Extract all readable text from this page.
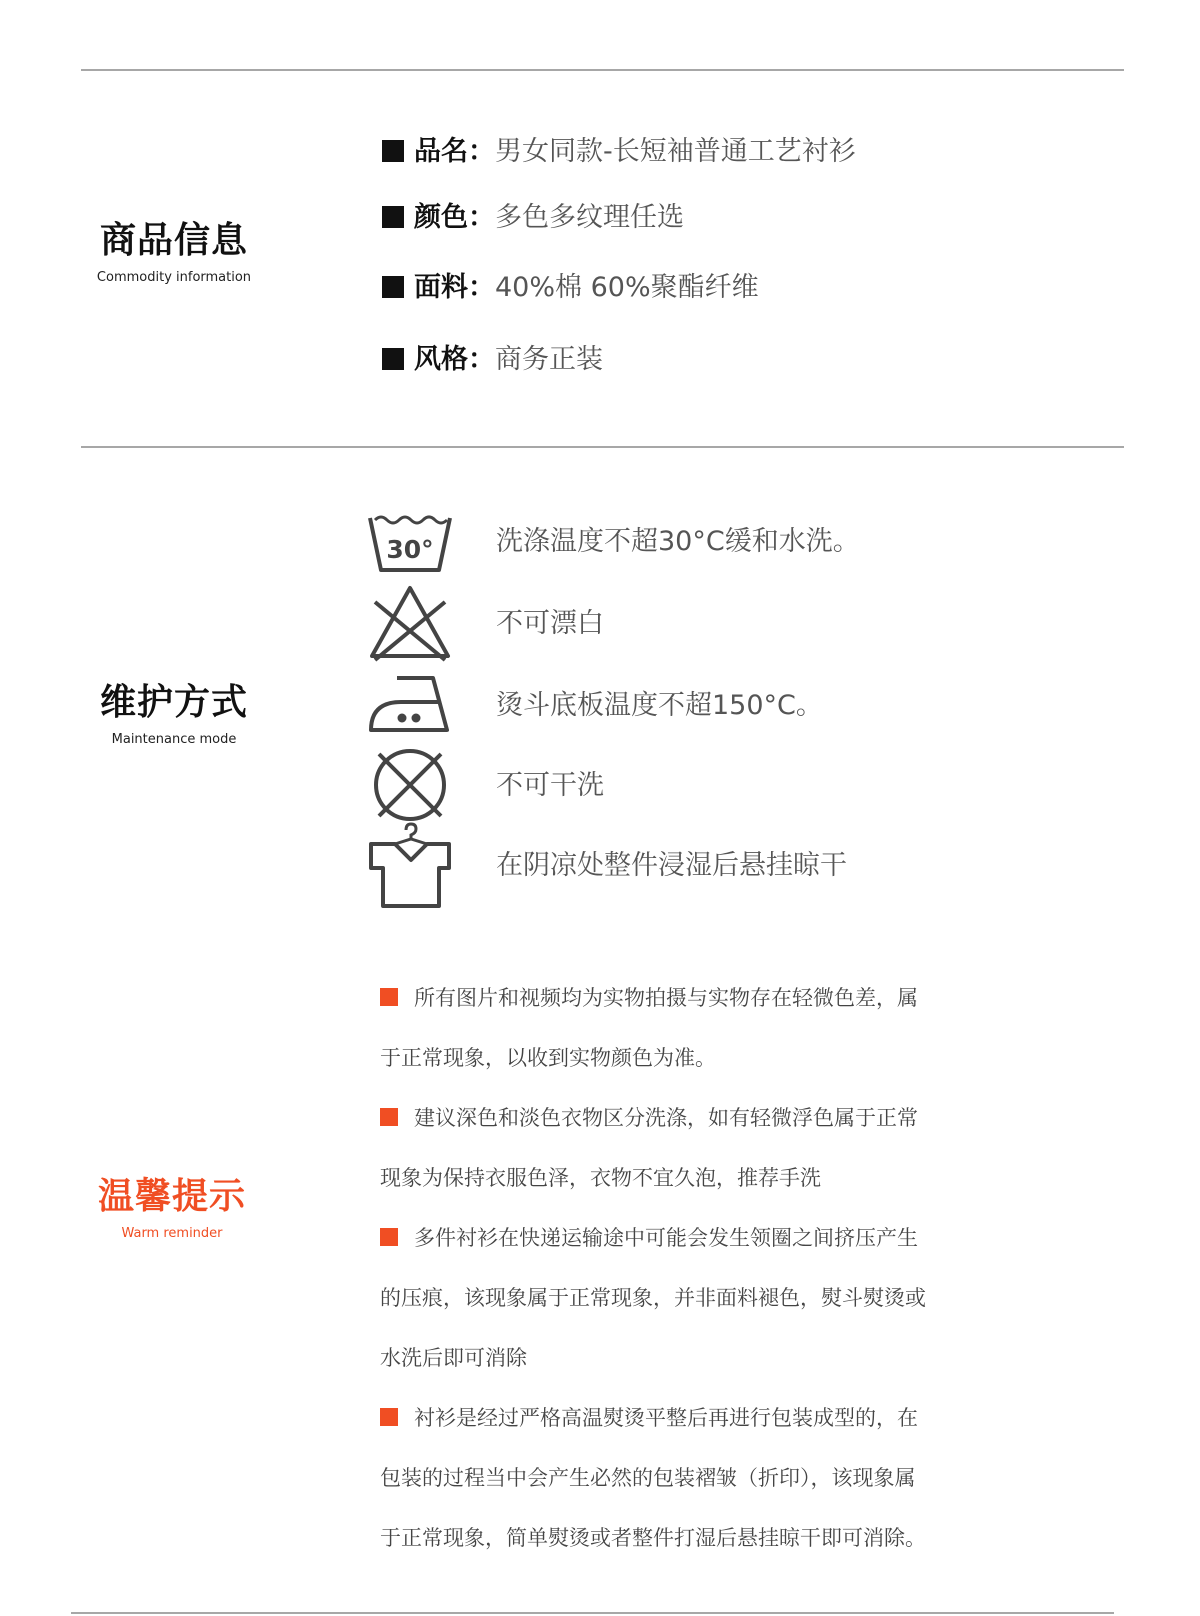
商品信息
Commodity information
品名：男女同款-长短袖普通工艺衬衫
颜色：多色多纹理任选
面料：40%棉 60%聚酯纤维
风格：商务正装
维护方式
Maintenance mode
30° 洗涤温度不超30°C缓和水洗。
不可漂白
烫斗底板温度不超150°C。
不可干洗
在阴凉处整件浸湿后悬挂晾干
温馨提示
Warm reminder
所有图片和视频均为实物拍摄与实物存在轻微色差，属
于正常现象，以收到实物颜色为准。
建议深色和淡色衣物区分洗涤，如有轻微浮色属于正常
现象为保持衣服色泽，衣物不宜久泡，推荐手洗
多件衬衫在快递运输途中可能会发生领圈之间挤压产生
的压痕，该现象属于正常现象，并非面料褪色，熨斗熨烫或
水洗后即可消除
衬衫是经过严格高温熨烫平整后再进行包装成型的，在
包装的过程当中会产生必然的包装褶皱（折印），该现象属
于正常现象，简单熨烫或者整件打湿后悬挂晾干即可消除。
